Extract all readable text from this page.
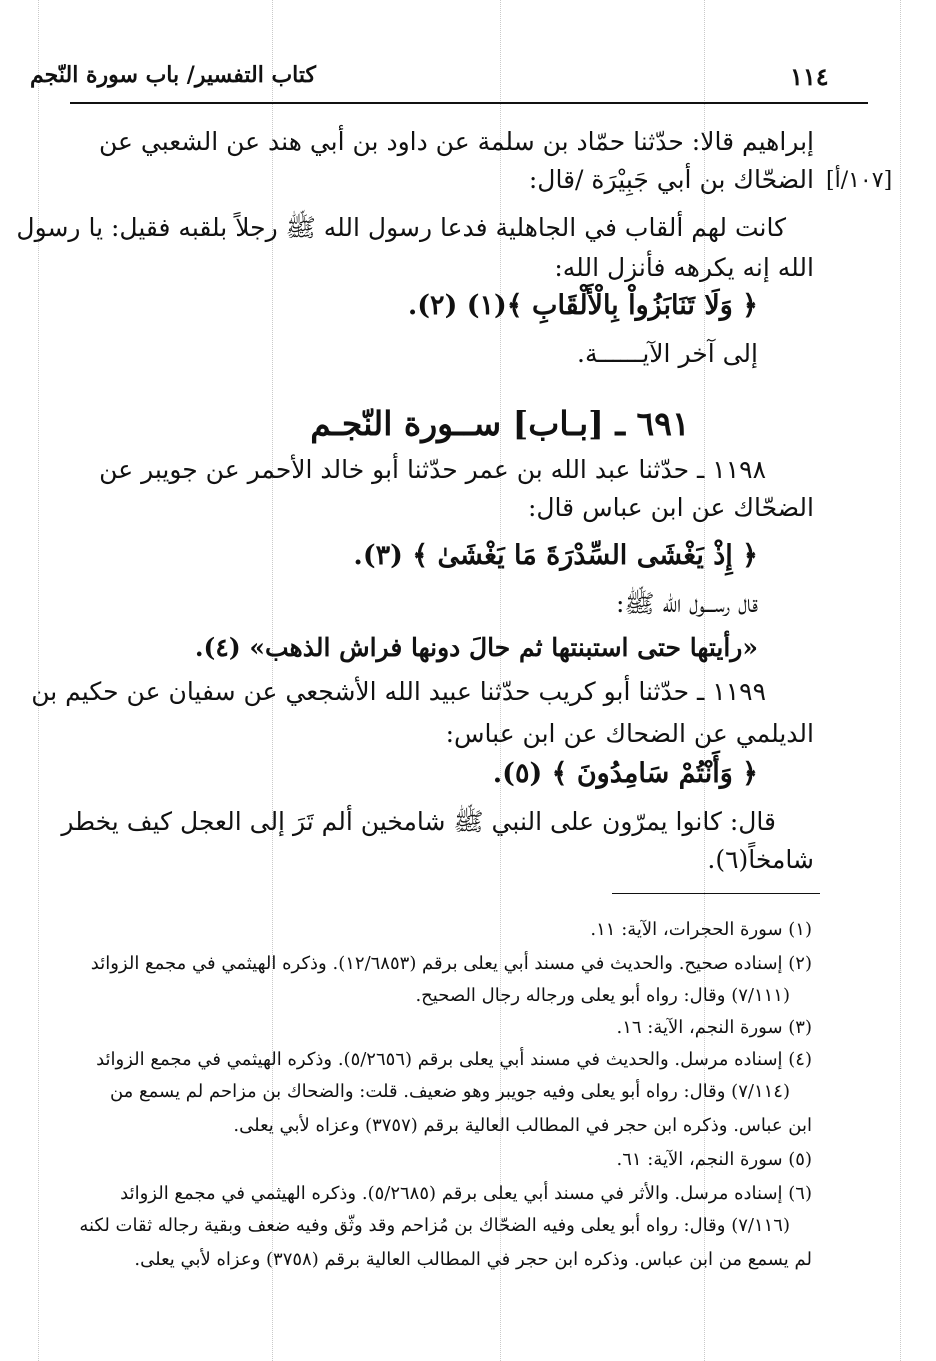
كتاب التفسير/ باب سورة النّجم	١١٤
إبراهيم قالا: حدّثنا حمّاد بن سلمة عن داود بن أبي هند عن الشعبي عن
الضحّاك بن أبي جَبِيْرَة /قال: [١٠٧/أ]
كانت لهم ألقاب في الجاهلية فدعا رسول الله ﷺ رجلاً بلقبه فقيل: يا رسول
الله إنه يكرهه فأنزل الله:
﴿ وَلَا تَنَابَزُواْ بِالْأَلْقَابِ ﴾(١) (٢).
إلى آخر الآيــــــة.
٦٩١ ـ [بـاب] ســورة النّجـم
١١٩٨ ـ حدّثنا عبد الله بن عمر حدّثنا أبو خالد الأحمر عن جويبر عن
الضحّاك عن ابن عباس قال:
﴿ إِذْ يَغْشَى السِّدْرَةَ مَا يَغْشَىٰ ﴾ (٣).
قال رســـول الله ﷺ:
«رأيتها حتى استبنتها ثم حالَ دونها فراش الذهب» (٤).
١١٩٩ ـ حدّثنا أبو كريب حدّثنا عبيد الله الأشجعي عن سفيان عن حكيم بن
الديلمي عن الضحاك عن ابن عباس:
﴿ وَأَنْتُمْ سَامِدُونَ ﴾ (٥).
قال: كانوا يمرّون على النبي ﷺ شامخين ألم تَرَ إلى العجل كيف يخطر
شامخاً(٦).
(١) سورة الحجرات، الآية: ١١.
(٢) إسناده صحيح. والحديث في مسند أبي يعلى برقم (١٢/٦٨٥٣). وذكره الهيثمي في مجمع الزوائد
(٧/١١١) وقال: رواه أبو يعلى ورجاله رجال الصحيح.
(٣) سورة النجم، الآية: ١٦.
(٤) إسناده مرسل. والحديث في مسند أبي يعلى برقم (٥/٢٦٥٦). وذكره الهيثمي في مجمع الزوائد
(٧/١١٤) وقال: رواه أبو يعلى وفيه جويبر وهو ضعيف. قلت: والضحاك بن مزاحم لم يسمع من
ابن عباس. وذكره ابن حجر في المطالب العالية برقم (٣٧٥٧) وعزاه لأبي يعلى.
(٥) سورة النجم، الآية: ٦١.
(٦) إسناده مرسل. والأثر في مسند أبي يعلى برقم (٥/٢٦٨٥). وذكره الهيثمي في مجمع الزوائد
(٧/١١٦) وقال: رواه أبو يعلى وفيه الضحّاك بن مُزاحم وقد وثّق وفيه ضعف وبقية رجاله ثقات لكنه
لم يسمع من ابن عباس. وذكره ابن حجر في المطالب العالية برقم (٣٧٥٨) وعزاه لأبي يعلى.
